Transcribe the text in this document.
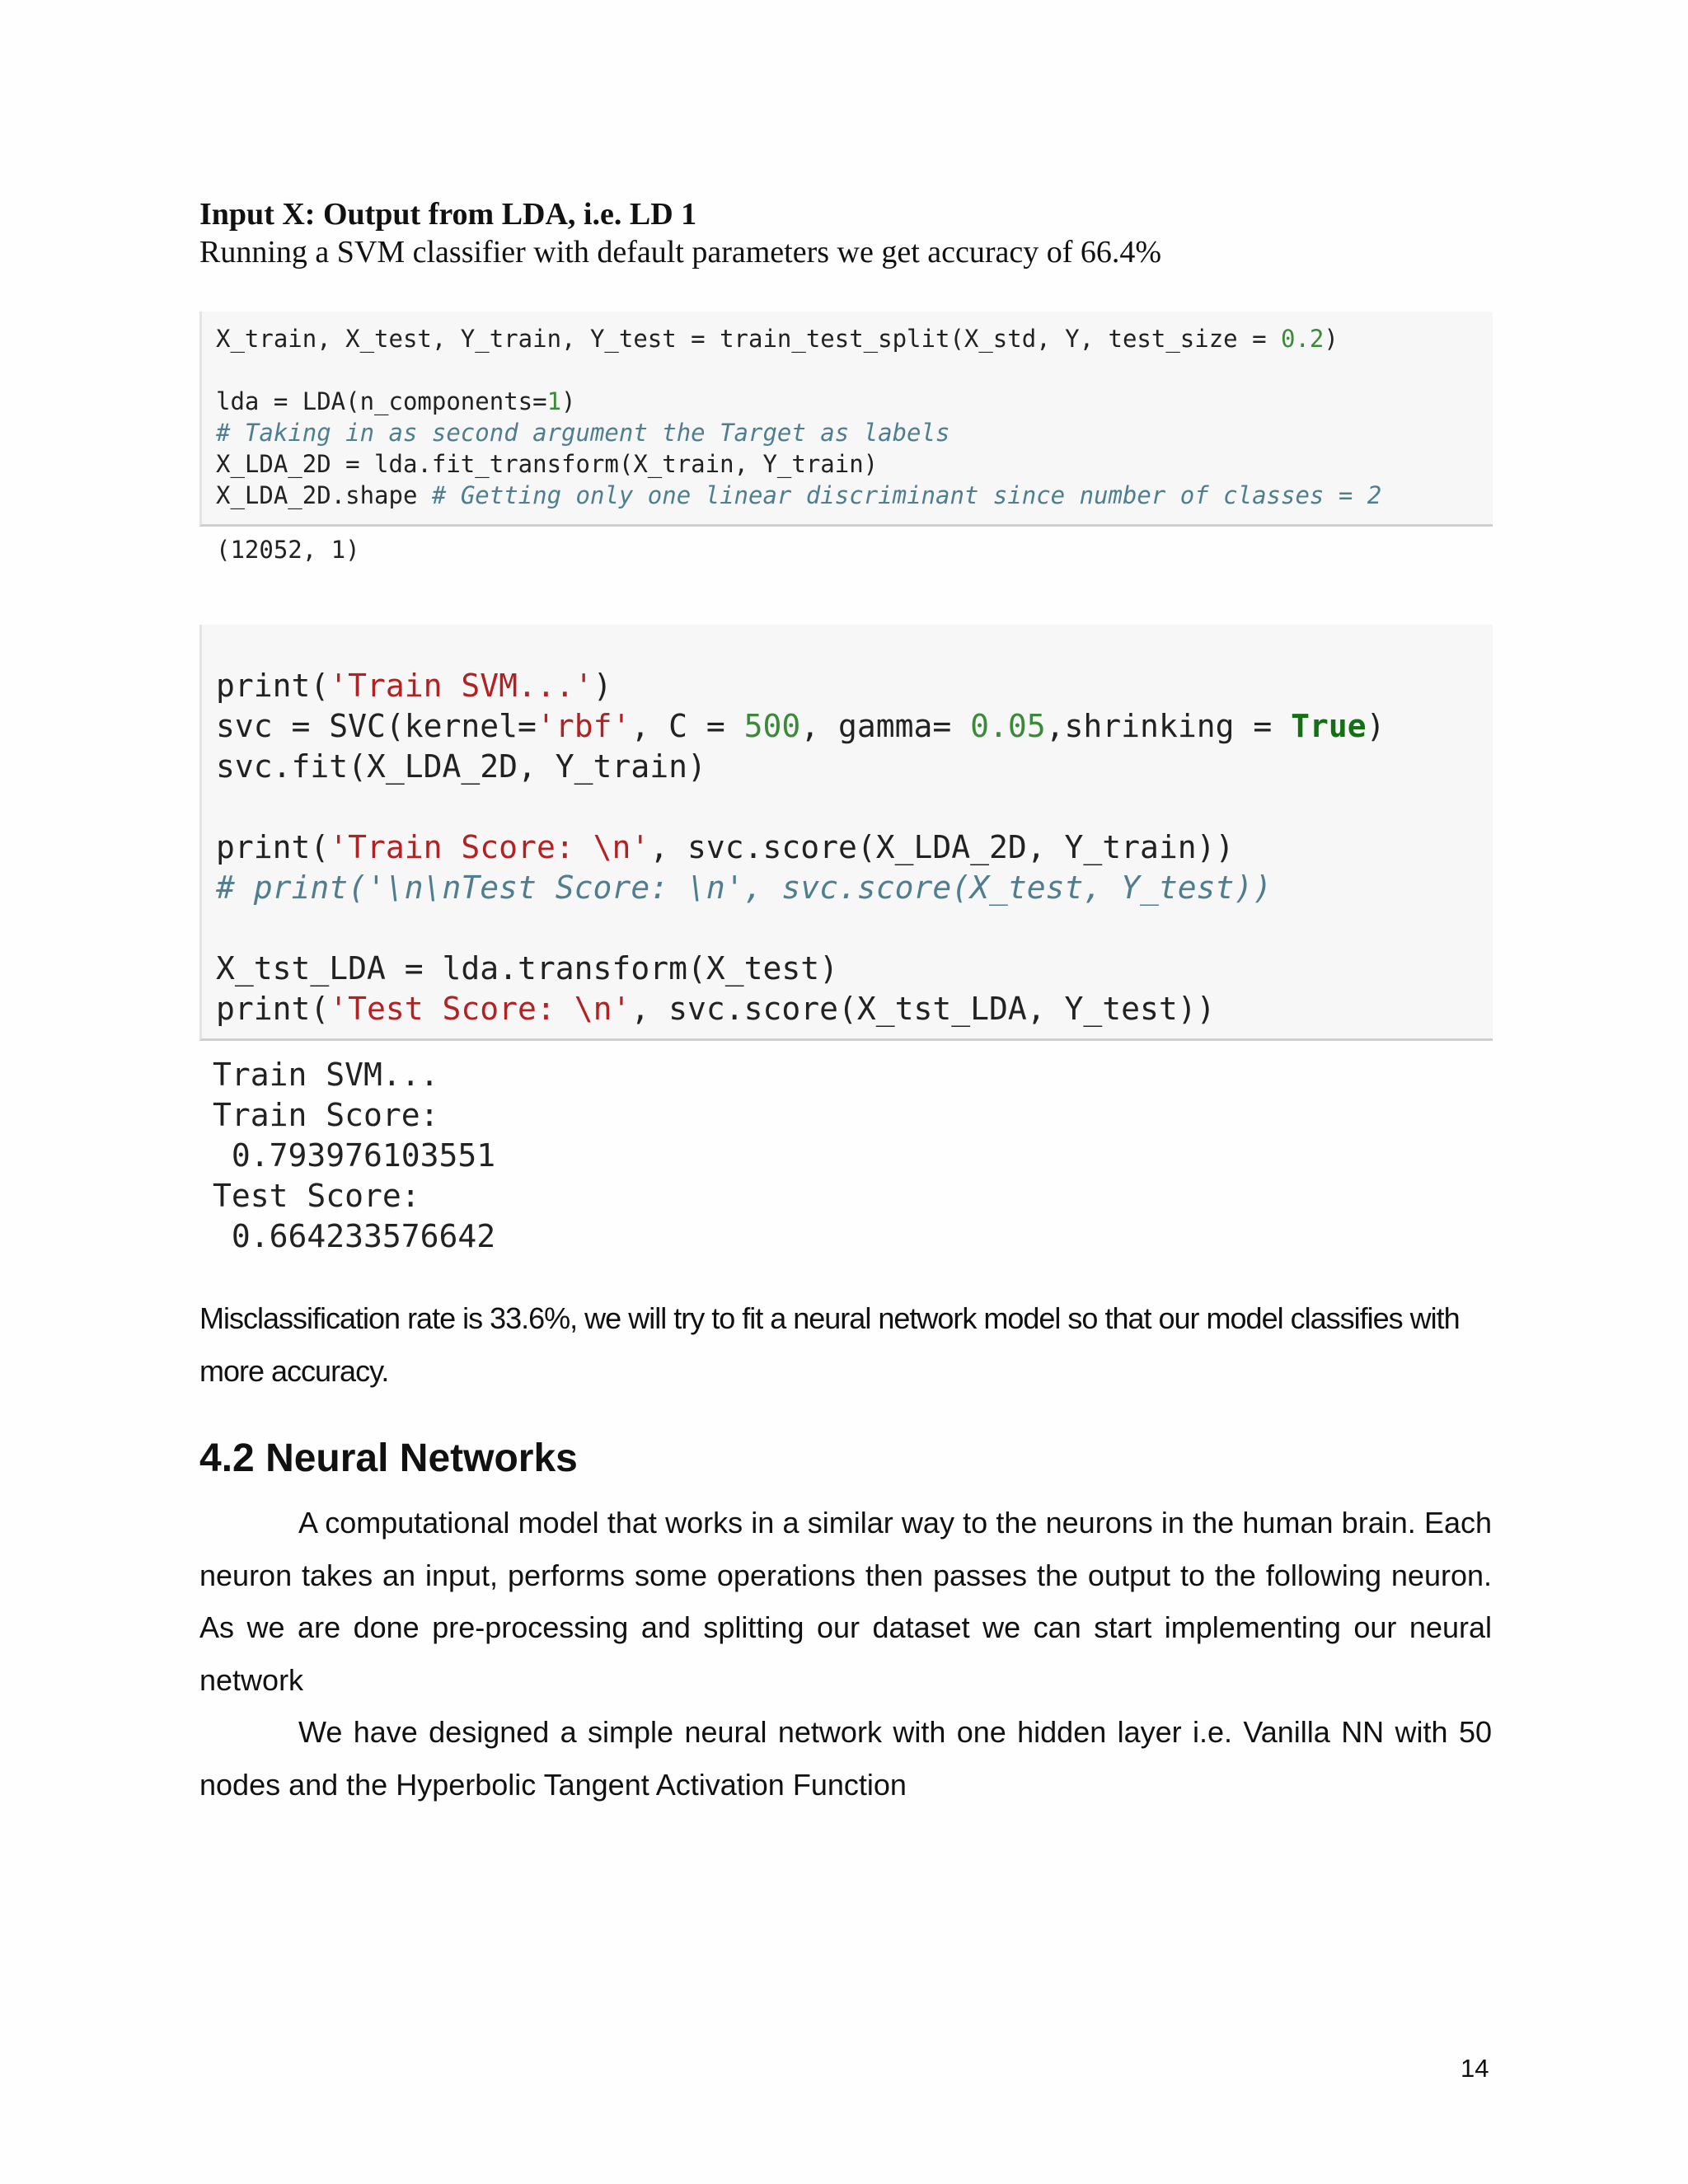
Input X: Output from LDA, i.e. LD 1
Running a SVM classifier with default parameters we get accuracy of 66.4%
X_train, X_test, Y_train, Y_test = train_test_split(X_std, Y, test_size = 0.2)
lda = LDA(n_components=1)
# Taking in as second argument the Target as labels
X_LDA_2D = lda.fit_transform(X_train, Y_train)
X_LDA_2D.shape # Getting only one linear discriminant since number of classes = 2
(12052, 1)
print('Train SVM...')
svc = SVC(kernel='rbf', C = 500, gamma= 0.05,shrinking = True)
svc.fit(X_LDA_2D, Y_train)
print('Train Score: \n', svc.score(X_LDA_2D, Y_train))
# print('\n\nTest Score: \n', svc.score(X_test, Y_test))
X_tst_LDA = lda.transform(X_test)
print('Test Score: \n', svc.score(X_tst_LDA, Y_test))
Train SVM...
Train Score:
0.793976103551
Test Score:
0.664233576642
Misclassification rate is 33.6%, we will try to fit a neural network model so that our model classifies with more accuracy.
4.2 Neural Networks
A computational model that works in a similar way to the neurons in the human brain. Each neuron takes an input, performs some operations then passes the output to the following neuron. As we are done pre-processing and splitting our dataset we can start implementing our neural network
We have designed a simple neural network with one hidden layer i.e. Vanilla NN with 50 nodes and the Hyperbolic Tangent Activation Function
14
